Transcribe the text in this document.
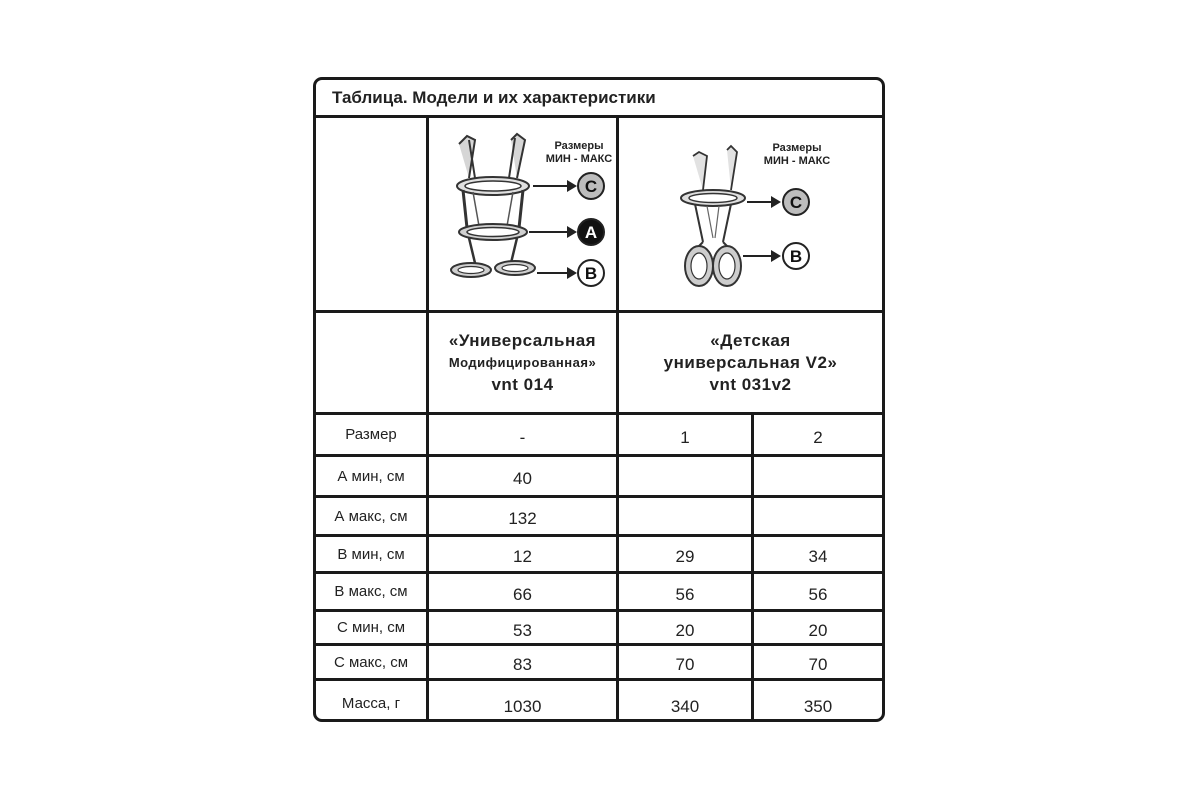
Таблица. Модели и их характеристики
C
A
B
Размеры
МИН - МАКС
C
B
Размеры
МИН - МАКС
«Универсальная
Модифицированная»
vnt 014
«Детская
универсальная V2»
vnt 031v2
Размер	-	1	2
А мин, см	40
А макс, см	132
В мин, см	12	29	34
В макс, см	66	56	56
С мин, см	53	20	20
С макс, см	83	70	70
Масса, г	1030	340	350
